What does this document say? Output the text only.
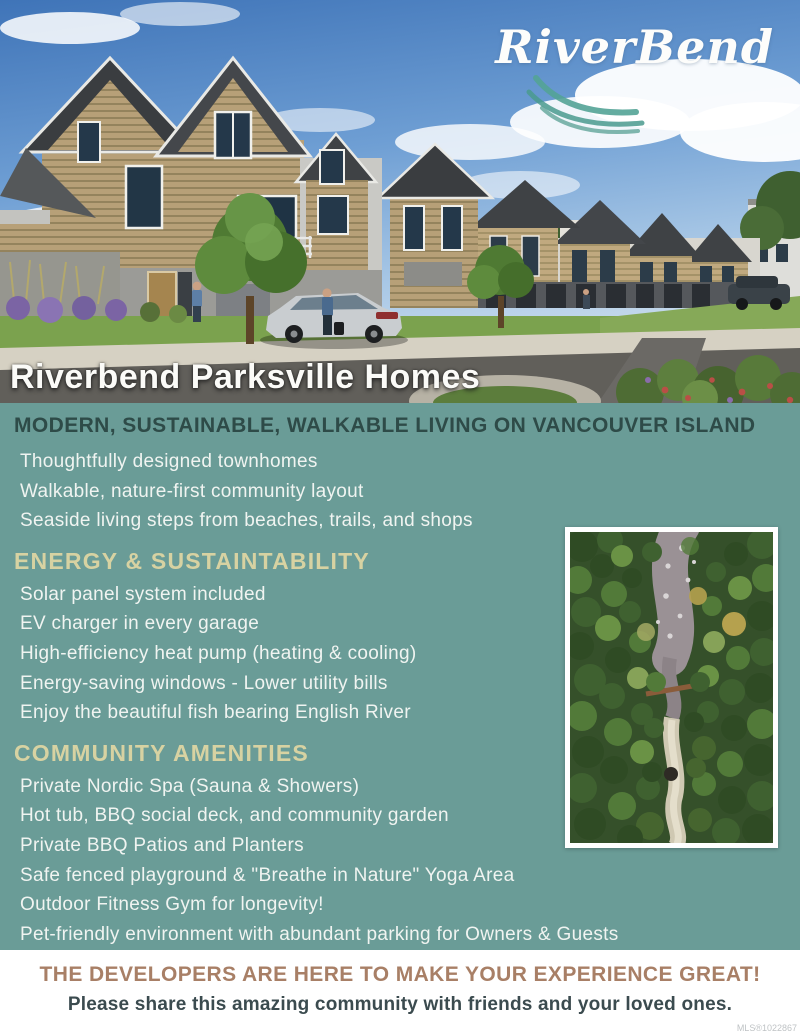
RiverBend
Riverbend Parksville Homes
MODERN, SUSTAINABLE, WALKABLE LIVING ON VANCOUVER ISLAND
Thoughtfully designed townhomes
Walkable, nature-first community layout
Seaside living steps from beaches, trails, and shops
ENERGY & SUSTAINTABILITY
Solar panel system included
EV charger in every garage
High-efficiency heat pump (heating & cooling)
Energy-saving windows - Lower utility bills
Enjoy the beautiful fish bearing English River
COMMUNITY AMENITIES
Private Nordic Spa (Sauna & Showers)
Hot tub, BBQ social deck, and community garden
Private BBQ Patios and Planters
Safe fenced playground & "Breathe in Nature" Yoga Area
Outdoor Fitness Gym for longevity!
Pet-friendly environment with abundant parking for Owners & Guests

THE DEVELOPERS ARE HERE TO MAKE YOUR EXPERIENCE GREAT!

Please share this amazing community with friends and your loved ones.

MLS®1022867
